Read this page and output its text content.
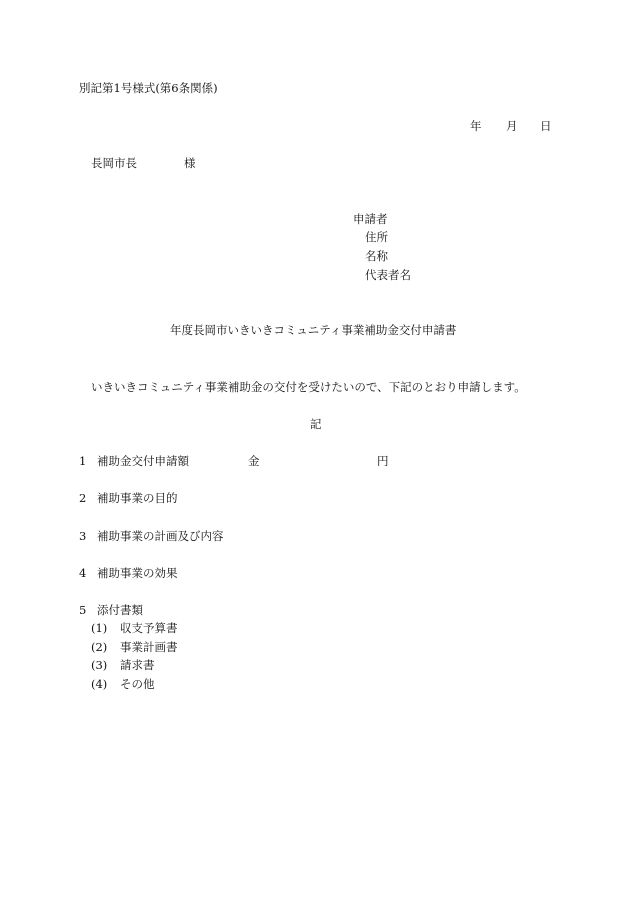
別記第1号様式(第6条関係)
年 月 日
長岡市長	様
申請者
住所
名称
代表者名
年度長岡市いきいきコミュニティ事業補助金交付申請書
いきいきコミュニティ事業補助金の交付を受けたいので、下記のとおり申請します。
記
1 補助金交付申請額	金	円
2 補助事業の目的
3 補助事業の計画及び内容
4 補助事業の効果
5 添付書類
(1) 収支予算書
(2) 事業計画書
(3) 請求書
(4) その他
